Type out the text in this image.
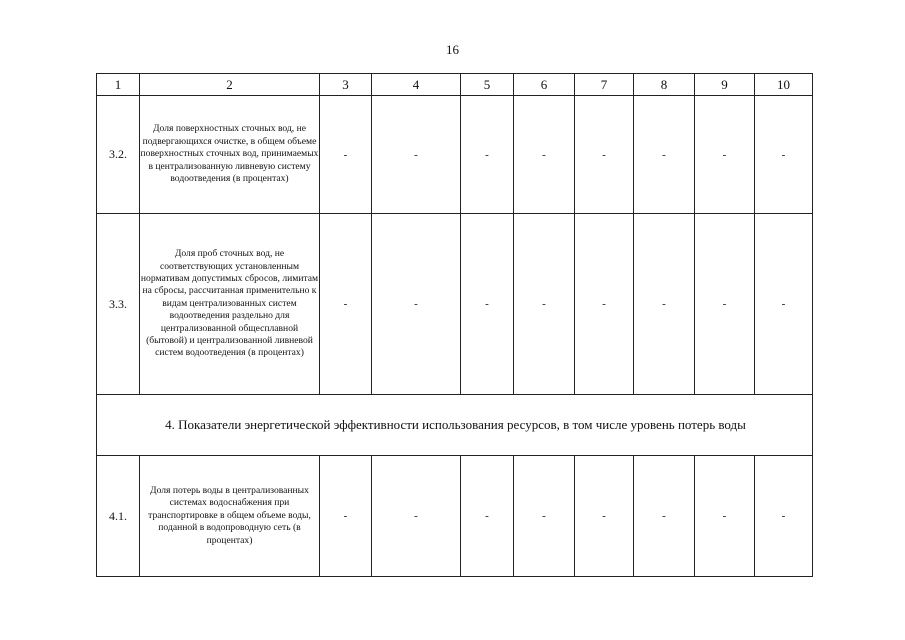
16
1	2	3	4	5	6	7	8	9	10
3.2.	Доля поверхностных сточных вод, не подвергающихся очистке, в общем объеме поверхностных сточных вод, принимаемых в централизованную ливневую систему водоотведения (в процентах)	-	-	-	-	-	-	-	-
3.3.	Доля проб сточных вод, не соответствующих установленным нормативам допустимых сбросов, лимитам на сбросы, рассчитанная применительно к видам централизованных систем водоотведения раздельно для централизованной общесплавной (бытовой) и централизованной ливневой систем водоотведения (в процентах)	-	-	-	-	-	-	-	-
4. Показатели энергетической эффективности использования ресурсов, в том числе уровень потерь воды									
4.1.	Доля потерь воды в централизованных системах водоснабжения при транспортировке в общем объеме воды, поданной в водопроводную сеть (в процентах)	-	-	-	-	-	-	-	-
